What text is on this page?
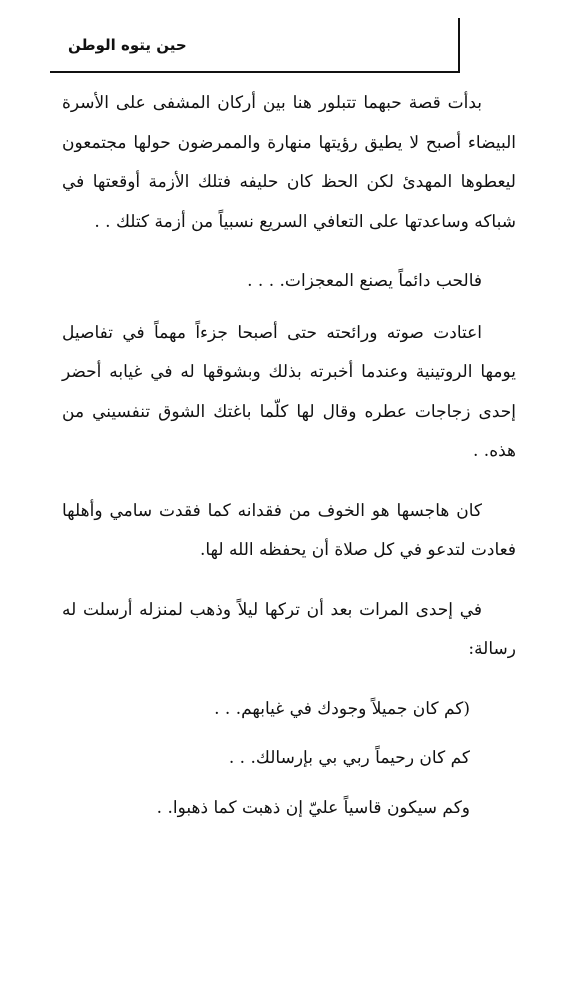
حين يتوه الوطن

بدأت قصة حبهما تتبلور هنا بين أركان المشفى على الأسرة البيضاء أصبح لا يطيق رؤيتها منهارة والممرضون حولها مجتمعون ليعطوها المهدئ لكن الحظ كان حليفه فتلك الأزمة أوقعتها في شباكه وساعدتها على التعافي السريع نسبياً من أزمة كتلك . .

فالحب دائماً يصنع المعجزات. . . .

اعتادت صوته ورائحته حتى أصبحا جزءاً مهماً في تفاصيل يومها الروتينية وعندما أخبرته بذلك وبشوقها له في غيابه أحضر إحدى زجاجات عطره وقال لها كلّما باغتك الشوق تنفسيني من هذه. .

كان هاجسها هو الخوف من فقدانه كما فقدت سامي وأهلها فعادت لتدعو في كل صلاة أن يحفظه الله لها.

في إحدى المرات بعد أن تركها ليلاً وذهب لمنزله أرسلت له رسالة:

(كم كان جميلاً وجودك في غيابهم. . .

كم كان رحيماً ربي بي بإرسالك. . .

وكم سيكون قاسياً عليّ إن ذهبت كما ذهبوا. .
